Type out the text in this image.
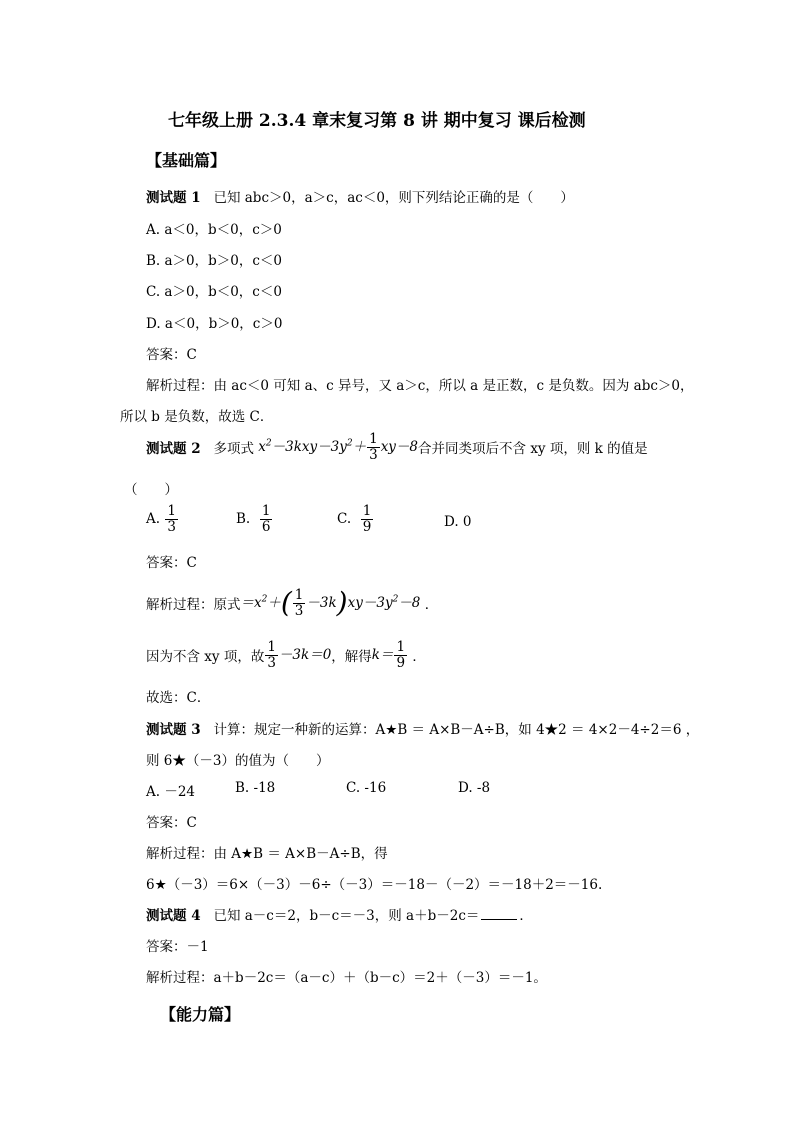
七年级上册 2.3.4 章末复习第 8 讲 期中复习 课后检测
【基础篇】
测试题 1 已知 abc＞0，a＞c，ac＜0，则下列结论正确的是（　　）
A. a＜0，b＜0，c＞0
B. a＞0，b＞0，c＜0
C. a＞0，b＜0，c＜0
D. a＜0，b＞0，c＞0
答案：C
解析过程：由 ac＜0 可知 a、c 异号，又 a＞c，所以 a 是正数，c 是负数。因为 abc＞0，
所以 b 是负数，故选 C．
测试题 2
多项式
$x^2-3kxy-3y^2+ \frac{1}{3} xy-8$ 合并同类项后不含 xy 项，则 k 的值是
（　　）
A.
$\frac{1}{3}$	B.
$\frac{1}{6}$	C.
$\frac{1}{9}$	D. 0
答案：C
解析过程：原式 $=x^2+( \frac{1}{3} -3k)xy-3y^2-8$ ．
因为不含 xy 项，故 $\frac{1}{3} -3k=0$ ，解得 $k= \frac{1}{9}$ ．
故选：C．
测试题 3 计算：规定一种新的运算：A★B ＝ A×B－A÷B，如 4★2 ＝ 4×2－4÷2＝6 ，
则 6★（－3）的值为（　　）
A. －24	B. -18	C. -16	D. -8
答案：C
解析过程：由 A★B ＝ A×B－A÷B，得
6★（－3）＝6×（－3）－6÷（－3）＝－18－（－2）＝－18＋2＝－16.
测试题 4 已知 a－c＝2，b－c＝－3，则 a＋b－2c＝	．
答案：－1
解析过程：a＋b－2c＝（a－c）＋（b－c）＝2＋（－3）＝－1。
【能力篇】
